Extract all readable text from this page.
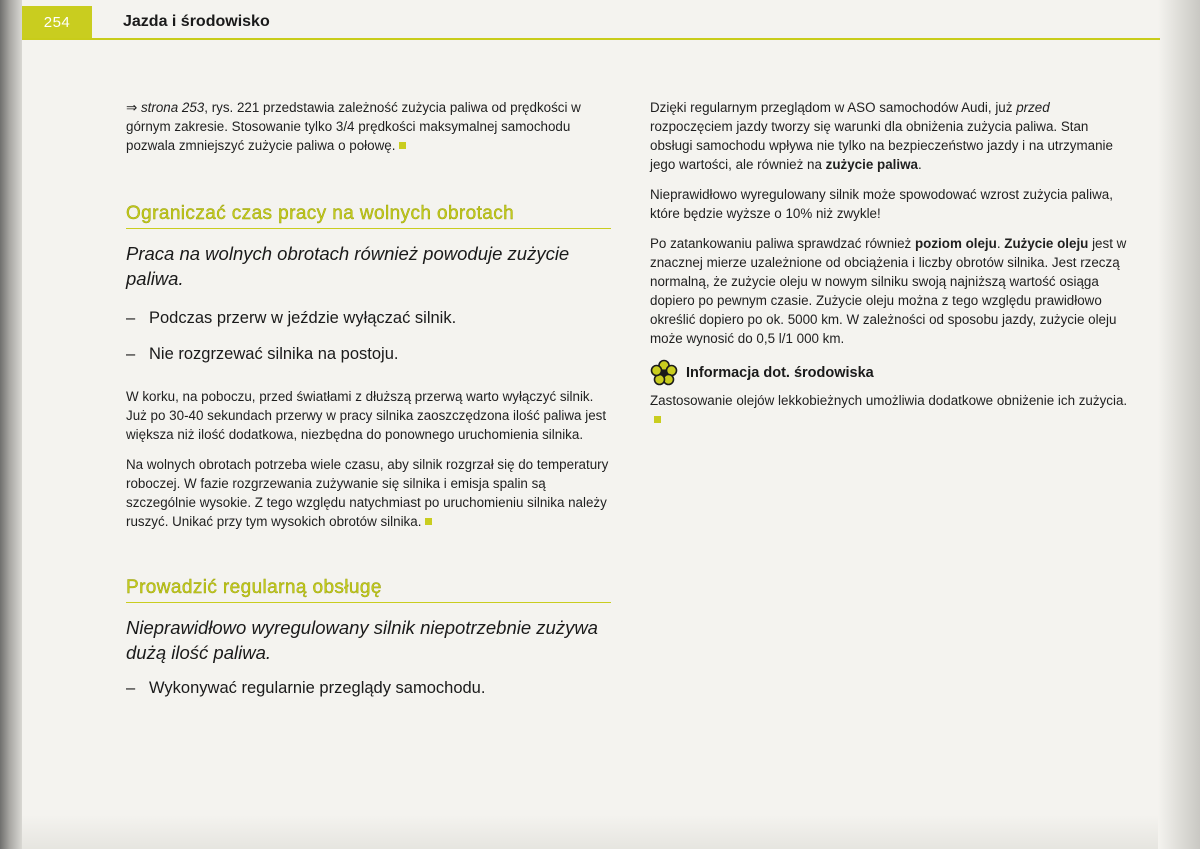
254	Jazda i środowisko

⇒ strona 253, rys. 221 przedstawia zależność zużycia paliwa od prędkości w górnym zakresie. Stosowanie tylko 3/4 prędkości maksymalnej samochodu pozwala zmniejszyć zużycie paliwa o połowę.

Ograniczać czas pracy na wolnych obrotach

Praca na wolnych obrotach również powoduje zużycie paliwa.

– Podczas przerw w jeździe wyłączać silnik.
– Nie rozgrzewać silnika na postoju.

W korku, na poboczu, przed światłami z dłuższą przerwą warto wyłączyć silnik. Już po 30-40 sekundach przerwy w pracy silnika zaoszczędzona ilość paliwa jest większa niż ilość dodatkowa, niezbędna do ponownego uruchomienia silnika.

Na wolnych obrotach potrzeba wiele czasu, aby silnik rozgrzał się do temperatury roboczej. W fazie rozgrzewania zużywanie się silnika i emisja spalin są szczególnie wysokie. Z tego względu natychmiast po uruchomieniu silnika należy ruszyć. Unikać przy tym wysokich obrotów silnika.

Prowadzić regularną obsługę

Nieprawidłowo wyregulowany silnik niepotrzebnie zużywa dużą ilość paliwa.

– Wykonywać regularnie przeglądy samochodu.

Dzięki regularnym przeglądom w ASO samochodów Audi, już przed rozpoczęciem jazdy tworzy się warunki dla obniżenia zużycia paliwa. Stan obsługi samochodu wpływa nie tylko na bezpieczeństwo jazdy i na utrzymanie jego wartości, ale również na zużycie paliwa.

Nieprawidłowo wyregulowany silnik może spowodować wzrost zużycia paliwa, które będzie wyższe o 10% niż zwykle!

Po zatankowaniu paliwa sprawdzać również poziom oleju. Zużycie oleju jest w znacznej mierze uzależnione od obciążenia i liczby obrotów silnika. Jest rzeczą normalną, że zużycie oleju w nowym silniku swoją najniższą wartość osiąga dopiero po pewnym czasie. Zużycie oleju można z tego względu prawidłowo określić dopiero po ok. 5000 km. W zależności od sposobu jazdy, zużycie oleju może wynosić do 0,5 l/1 000 km.

Informacja dot. środowiska

Zastosowanie olejów lekkobieżnych umożliwia dodatkowe obniżenie ich zużycia.
